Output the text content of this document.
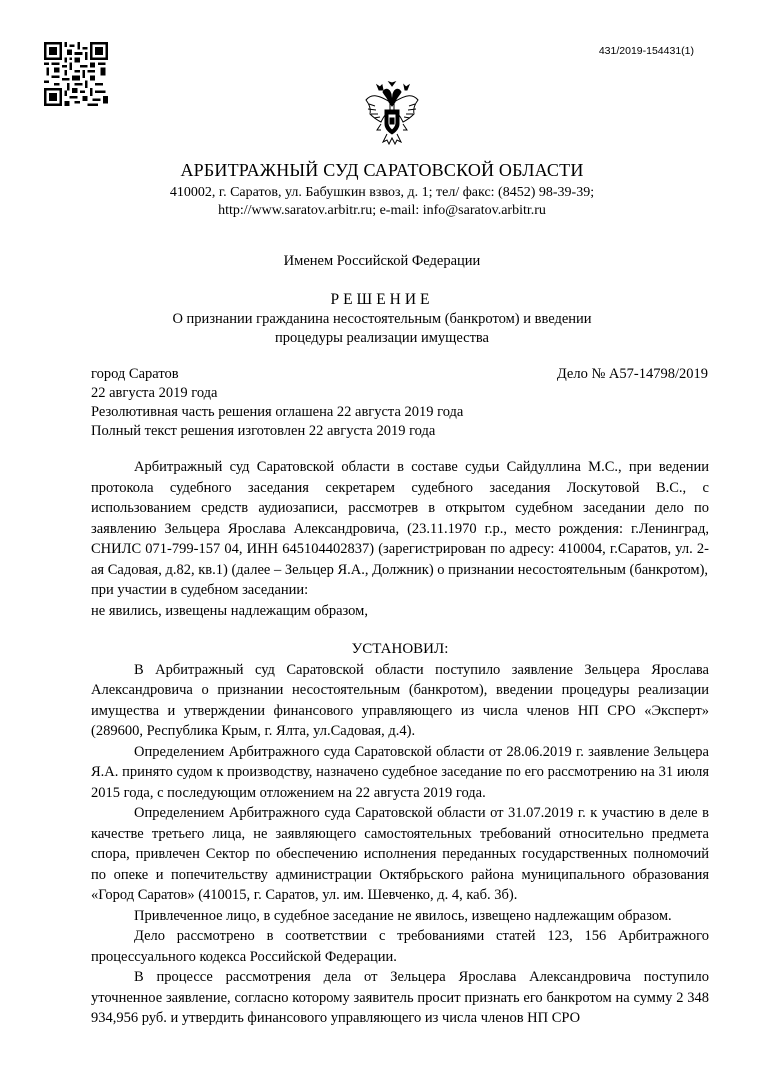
431/2019-154431(1)
АРБИТРАЖНЫЙ СУД САРАТОВСКОЙ ОБЛАСТИ
410002, г. Саратов, ул. Бабушкин взвоз, д. 1; тел/ факс: (8452) 98-39-39;
http://www.saratov.arbitr.ru; e-mail: info@saratov.arbitr.ru
Именем Российской Федерации
РЕШЕНИЕ
О признании гражданина несостоятельным (банкротом) и введении
процедуры реализации имущества
город Саратов	Дело № А57-14798/2019
22 августа 2019 года
Резолютивная часть решения оглашена 22 августа 2019 года
Полный текст решения изготовлен 22 августа 2019 года

Арбитражный суд Саратовской области в составе судьи Сайдуллина М.С., при ведении протокола судебного заседания секретарем судебного заседания Лоскутовой В.С., с использованием средств аудиозаписи, рассмотрев в открытом судебном заседании дело по заявлению Зельцера Ярослава Александровича, (23.11.1970 г.р., место рождения: г.Ленинград, СНИЛС 071-799-157 04, ИНН 645104402837) (зарегистрирован по адресу: 410004, г.Саратов, ул. 2-ая Садовая, д.82, кв.1) (далее – Зельцер Я.А., Должник) о признании несостоятельным (банкротом),

при участии в судебном заседании:

не явились, извещены надлежащим образом,

УСТАНОВИЛ:

В Арбитражный суд Саратовской области поступило заявление Зельцера Ярослава Александровича о признании несостоятельным (банкротом), введении процедуры реализации имущества и утверждении финансового управляющего из числа членов НП СРО «Эксперт» (289600, Республика Крым, г. Ялта, ул.Садовая, д.4).

Определением Арбитражного суда Саратовской области от 28.06.2019 г. заявление Зельцера Я.А. принято судом к производству, назначено судебное заседание по его рассмотрению на 31 июля 2015 года, с последующим отложением на 22 августа 2019 года.

Определением Арбитражного суда Саратовской области от 31.07.2019 г. к участию в деле в качестве третьего лица, не заявляющего самостоятельных требований относительно предмета спора, привлечен Сектор по обеспечению исполнения переданных государственных полномочий по опеке и попечительству администрации Октябрьского района муниципального образования «Город Саратов» (410015, г. Саратов, ул. им. Шевченко, д. 4, каб. 3б).

Привлеченное лицо, в судебное заседание не явилось, извещено надлежащим образом.

Дело рассмотрено в соответствии с требованиями статей 123, 156 Арбитражного процессуального кодекса Российской Федерации.

В процессе рассмотрения дела от Зельцера Ярослава Александровича поступило уточненное заявление, согласно которому заявитель просит признать его банкротом на сумму 2 348 934,956 руб. и утвердить финансового управляющего из числа членов НП СРО
